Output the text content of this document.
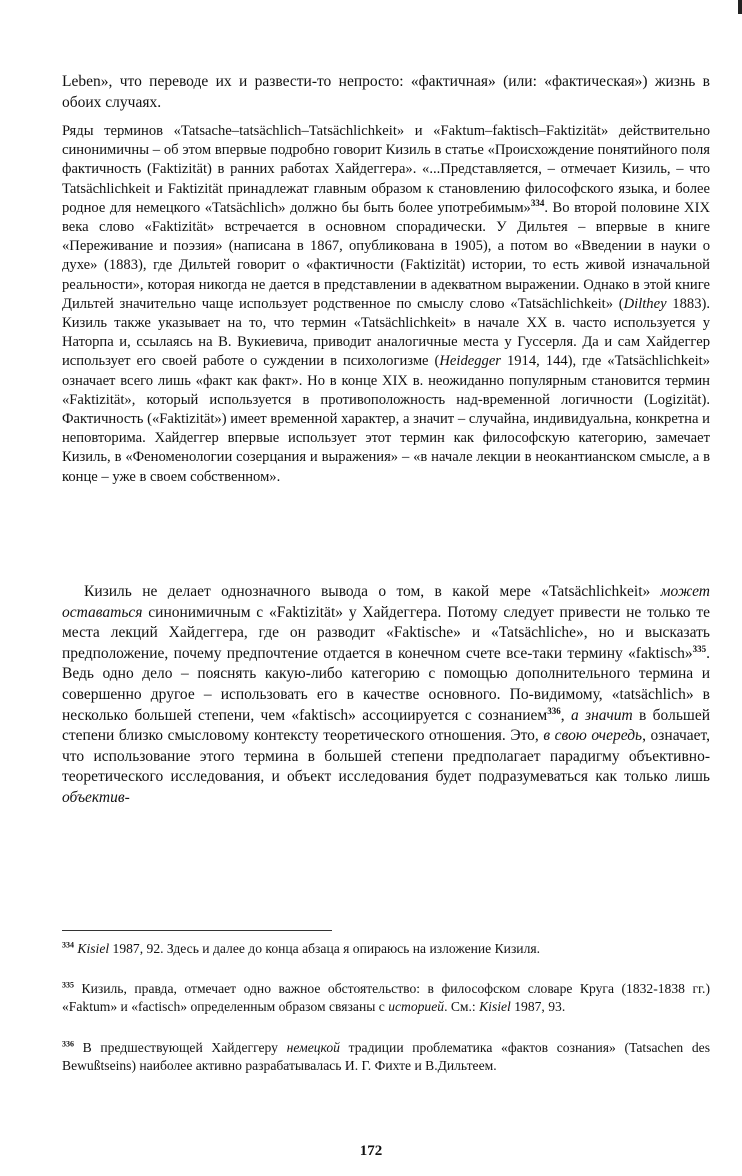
Leben», что переводе их и развести-то непросто: «фактичная» (или: «фактическая») жизнь в обоих случаях.

Ряды терминов «Tatsache–tatsächlich–Tatsächlichkeit» и «Faktum–faktisch–Faktizität» действительно синонимичны – об этом впервые подробно говорит Кизиль в статье «Происхождение понятийного поля фактичность (Faktizität) в ранних работах Хайдеггера». «...Представляется, – отмечает Кизиль, – что Tatsächlichkeit и Faktizität принадлежат главным образом к становлению философского языка, и более родное для немецкого «Tatsächlich» должно бы быть более употребимым»$^{334}$. Во второй половине XIX века слово «Faktizität» встречается в основном спорадически. У Дильтея – впервые в книге «Переживание и поэзия» (написана в 1867, опубликована в 1905), а потом во «Введении в науки о духе» (1883), где Дильтей говорит о «фактичности (Faktizität) истории, то есть живой изначальной реальности», которая никогда не дается в представлении в адекватном выражении. Однако в этой книге Дильтей значительно чаще использует родственное по смыслу слово «Tatsächlichkeit» (Dilthey 1883). Кизиль также указывает на то, что термин «Tatsächlichkeit» в начале XX в. часто используется у Наторпа и, ссылаясь на В. Вукиевича, приводит аналогичные места у Гуссерля. Да и сам Хайдеггер использует его своей работе о суждении в психологизме (Heidegger 1914, 144), где «Tatsächlichkeit» означает всего лишь «факт как факт». Но в конце XIX в. неожиданно популярным становится термин «Faktizität», который используется в противоположность над-временной логичности (Logizität). Фактичность («Faktizität») имеет временной характер, а значит – случайна, индивидуальна, конкретна и неповторима. Хайдеггер впервые использует этот термин как философскую категорию, замечает Кизиль, в «Феноменологии созерцания и выражения» – «в начале лекции в неокантианском смысле, а в конце – уже в своем собственном».

Кизиль не делает однозначного вывода о том, в какой мере «Tatsächlichkeit» может оставаться синонимичным с «Faktizität» у Хайдеггера. Потому следует привести не только те места лекций Хайдеггера, где он разводит «Faktische» и «Tatsächliche», но и высказать предположение, почему предпочтение отдается в конечном счете все-таки термину «faktisch»$^{335}$. Ведь одно дело – пояснять какую-либо категорию с помощью дополнительного термина и совершенно другое – использовать его в качестве основного. По-видимому, «tatsächlich» в несколько большей степени, чем «faktisch» ассоциируется с сознанием$^{336}$, а значит в большей степени близко смысловому контексту теоретического отношения. Это, в свою очередь, означает, что использование этого термина в большей степени предполагает парадигму объективно-теоретического исследования, и объект исследования будет подразумеваться как только лишь объектив-

$^{334}$ Kisiel 1987, 92. Здесь и далее до конца абзаца я опираюсь на изложение Кизиля.
$^{335}$ Кизиль, правда, отмечает одно важное обстоятельство: в философском словаре Круга (1832-1838 гг.) «Faktum» и «factisch» определенным образом связаны с историей. См.: Kisiel 1987, 93.
$^{336}$ В предшествующей Хайдеггеру немецкой традиции проблематика «фактов сознания» (Tatsachen des Bewußtseins) наиболее активно разрабатывалась И. Г. Фихте и В.Дильтеем.
172
